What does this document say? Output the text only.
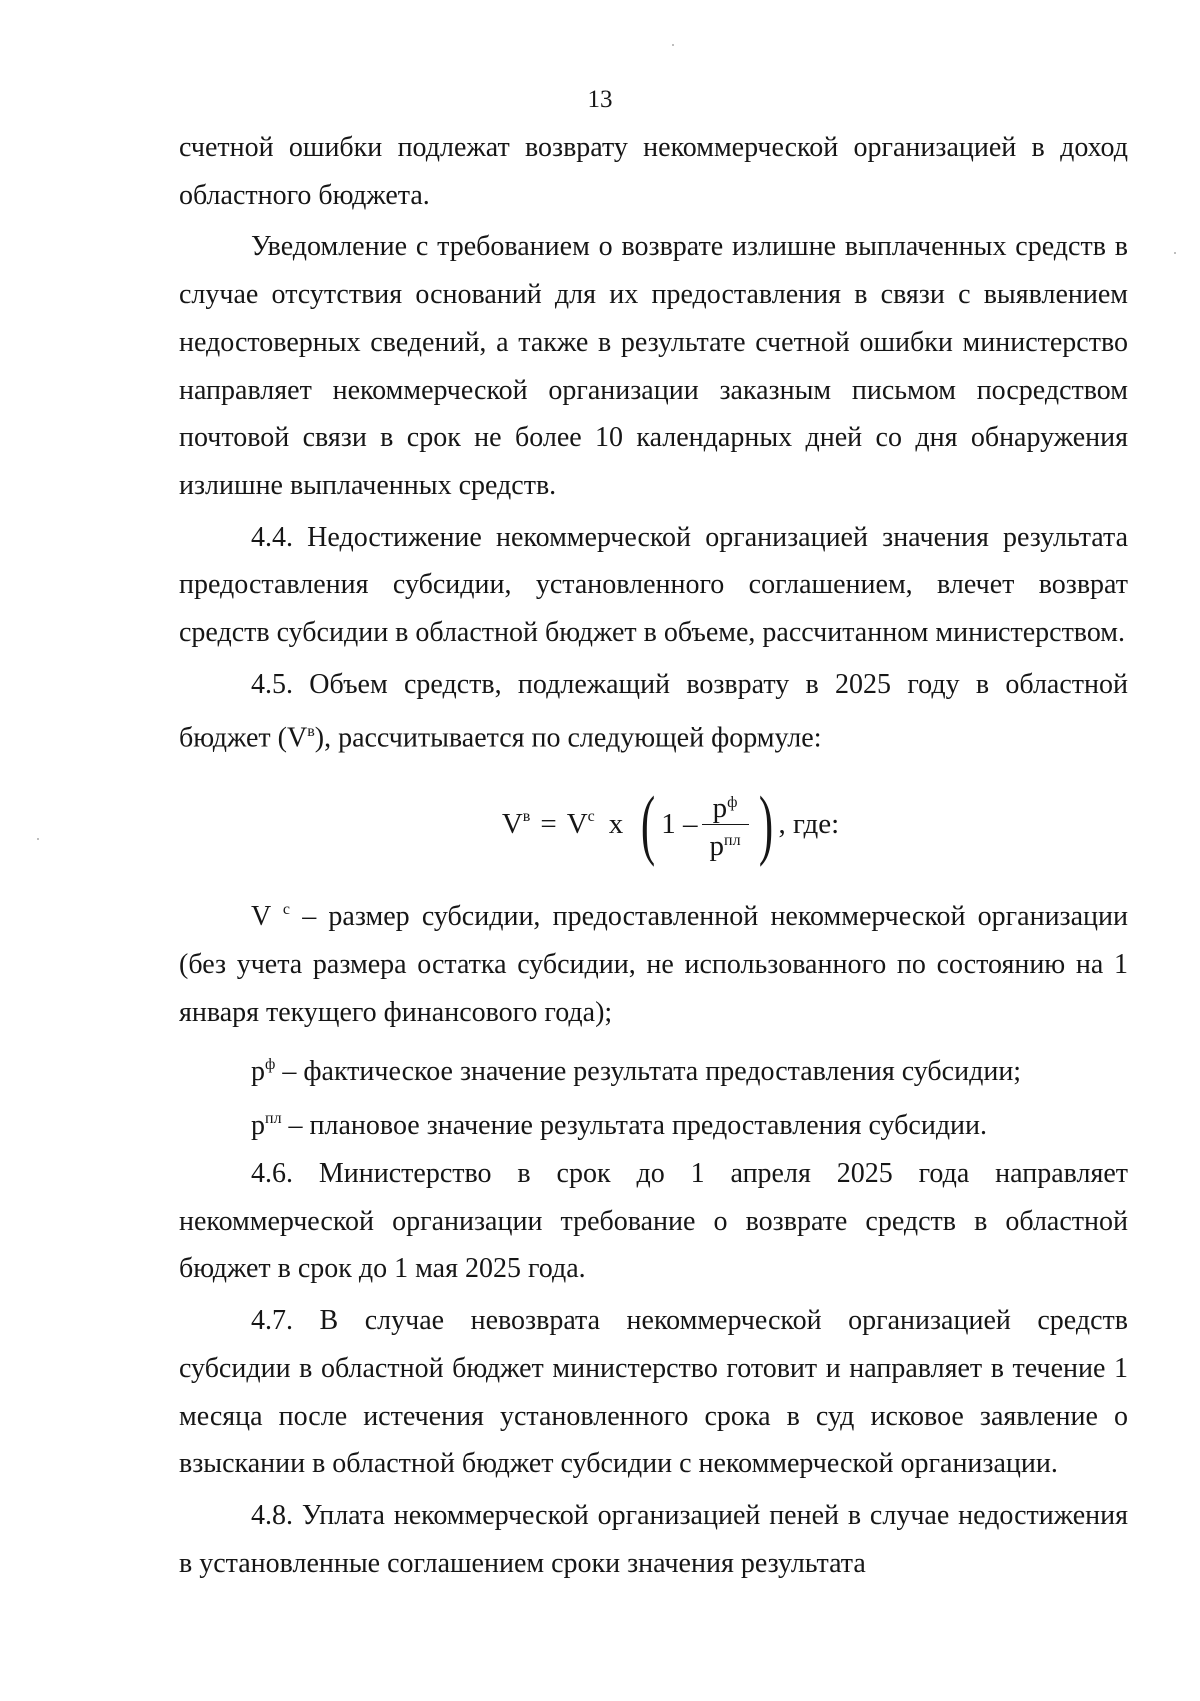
13

счетной ошибки подлежат возврату некоммерческой организацией в доход областного бюджета.

Уведомление с требованием о возврате излишне выплаченных средств в случае отсутствия оснований для их предоставления в связи с выявлением недостоверных сведений, а также в результате счетной ошибки министерство направляет некоммерческой организации заказным письмом посредством почтовой связи в срок не более 10 календарных дней со дня обнаружения излишне выплаченных средств.

4.4. Недостижение некоммерческой организацией значения результата предоставления субсидии, установленного соглашением, влечет возврат средств субсидии в областной бюджет в объеме, рассчитанном министерством.

4.5. Объем средств, подлежащий возврату в 2025 году в областной бюджет $(V^в)$, рассчитывается по следующей формуле:

$V^в = V^с$ х ( $1 - \frac{р^ф}{р^{пл}}$ ) , где:

V $^с$ – размер субсидии, предоставленной некоммерческой организации (без учета размера остатка субсидии, не использованного по состоянию на 1 января текущего финансового года);

$р^ф$ – фактическое значение результата предоставления субсидии;

$р^{пл}$ – плановое значение результата предоставления субсидии.

4.6. Министерство в срок до 1 апреля 2025 года направляет некоммерческой организации требование о возврате средств в областной бюджет в срок до 1 мая 2025 года.

4.7. В случае невозврата некоммерческой организацией средств субсидии в областной бюджет министерство готовит и направляет в течение 1 месяца после истечения установленного срока в суд исковое заявление о взыскании в областной бюджет субсидии с некоммерческой организации.

4.8. Уплата некоммерческой организацией пеней в случае недостижения в установленные соглашением сроки значения результата
